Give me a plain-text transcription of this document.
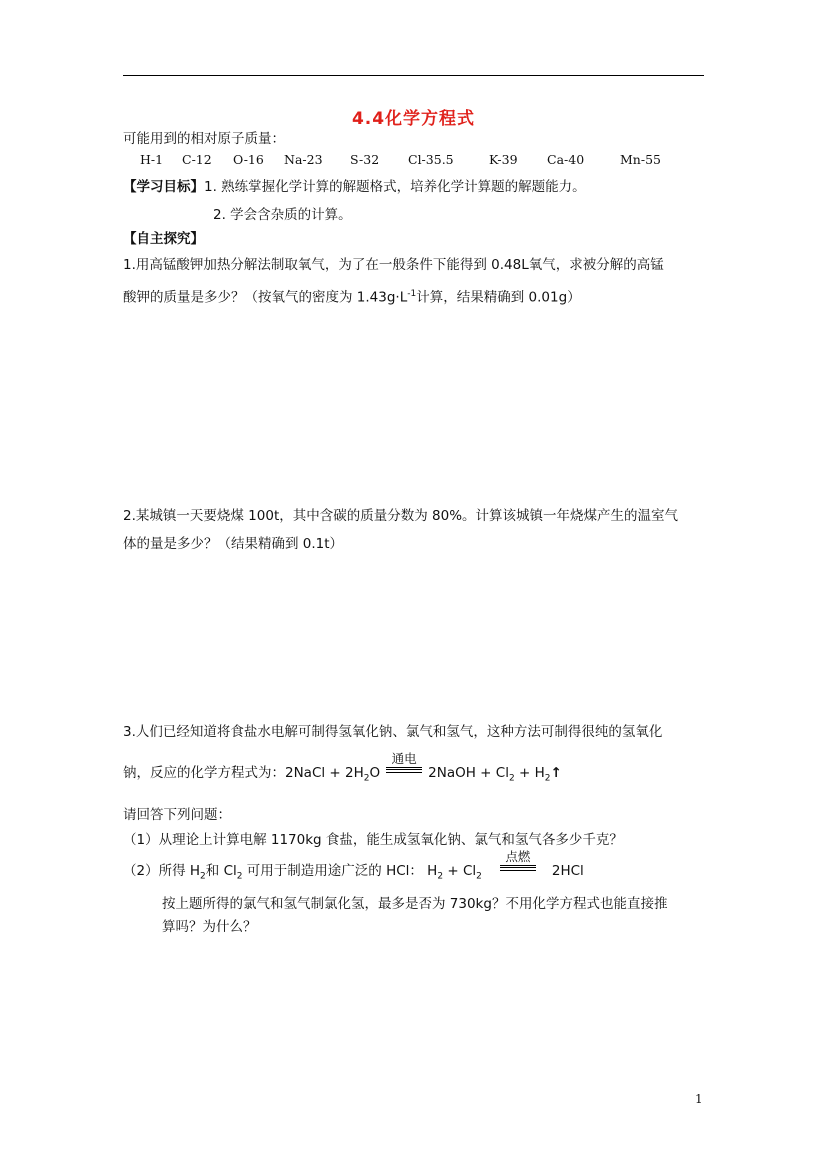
4.4化学方程式
可能用到的相对原子质量：
H-1 C-12 O-16 Na-23 S-32 Cl-35.5	K-39 Ca-40	Mn-55
【学习目标】1. 熟练掌握化学计算的解题格式，培养化学计算题的解题能力。
2. 学会含杂质的计算。
【自主探究】
1.用高锰酸钾加热分解法制取氧气，为了在一般条件下能得到 0.48L氧气，求被分解的高锰
酸钾的质量是多少？（按氧气的密度为 $1.43g\cdot L^{-1}$计算，结果精确到 0.01g）
2.某城镇一天要烧煤 100t，其中含碳的质量分数为 80%。计算该城镇一年烧煤产生的温室气
体的量是多少？（结果精确到 0.1t）
3.人们已经知道将食盐水电解可制得氢氧化钠、氯气和氢气，这种方法可制得很纯的氢氧化
钠，反应的化学方程式为：2NaCl + $2H_2O$
通电
2NaOH + $Cl_2$ + $H_2↑$
请回答下列问题：
（1）从理论上计算电解 1170kg 食盐，能生成氢氧化钠、氯气和氢气各多少千克？
（2）所得 $H_2$和 $Cl_2$ 可用于制造用途广泛的 HCl： $H_2 + Cl_2$
点燃
2HCl
按上题所得的氯气和氢气制氯化氢，最多是否为 730kg？不用化学方程式也能直接推
算吗？为什么？
1
